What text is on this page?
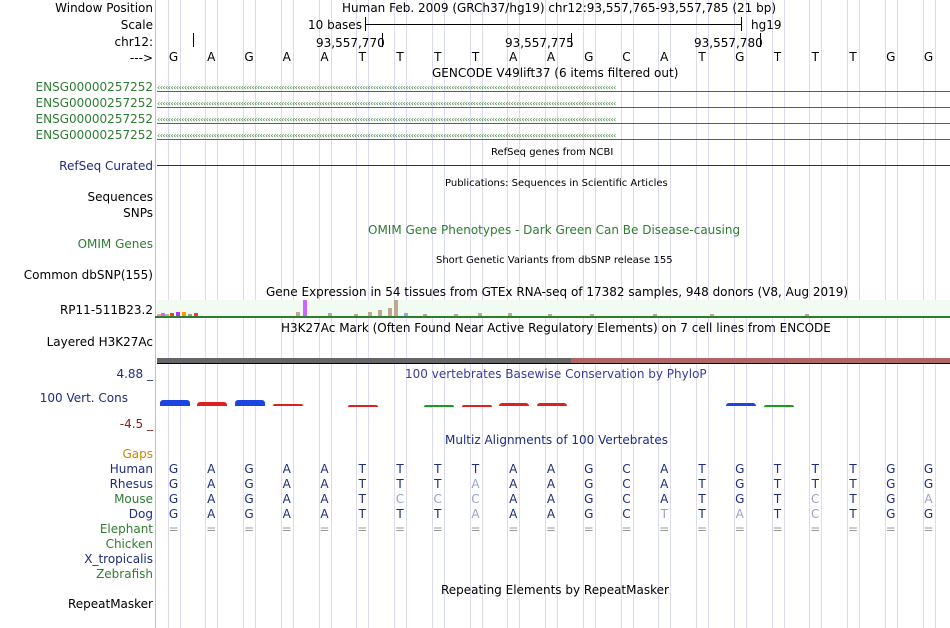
Window Position	Human Feb. 2009 (GRCh37/hg19) chr12:93,557,765-93,557,785 (21 bp)
Scale	10 bases	hg19
chr12:	93,557,770	93,557,775	93,557,780
--->	G	A	G	A	A	T	T	T	T	A	A	G	C	A	T	G	T	T	T	G	G
GENCODE V49lift37 (6 items filtered out)
ENSG00000257252 ‹‹‹‹‹‹‹‹‹‹‹‹‹‹‹‹‹‹‹‹‹‹‹‹‹‹‹‹‹‹‹‹‹‹‹‹‹‹‹‹‹‹‹‹‹‹‹‹‹‹‹‹‹‹‹‹‹‹‹‹‹‹‹‹‹‹‹‹‹‹‹‹‹‹‹‹‹‹‹‹‹‹‹‹‹‹‹‹‹‹‹‹‹‹‹‹‹‹‹‹‹‹‹‹‹‹‹‹‹‹‹‹‹‹‹‹‹‹‹‹‹‹‹‹‹‹‹‹‹‹‹‹‹‹‹‹‹‹‹‹‹‹‹‹‹‹‹‹‹‹‹‹‹‹‹‹‹‹‹‹‹‹‹‹‹‹‹‹‹‹
ENSG00000257252 ‹‹‹‹‹‹‹‹‹‹‹‹‹‹‹‹‹‹‹‹‹‹‹‹‹‹‹‹‹‹‹‹‹‹‹‹‹‹‹‹‹‹‹‹‹‹‹‹‹‹‹‹‹‹‹‹‹‹‹‹‹‹‹‹‹‹‹‹‹‹‹‹‹‹‹‹‹‹‹‹‹‹‹‹‹‹‹‹‹‹‹‹‹‹‹‹‹‹‹‹‹‹‹‹‹‹‹‹‹‹‹‹‹‹‹‹‹‹‹‹‹‹‹‹‹‹‹‹‹‹‹‹‹‹‹‹‹‹‹‹‹‹‹‹‹‹‹‹‹‹‹‹‹‹‹‹‹‹‹‹‹‹‹‹‹‹‹‹‹‹
ENSG00000257252 ‹‹‹‹‹‹‹‹‹‹‹‹‹‹‹‹‹‹‹‹‹‹‹‹‹‹‹‹‹‹‹‹‹‹‹‹‹‹‹‹‹‹‹‹‹‹‹‹‹‹‹‹‹‹‹‹‹‹‹‹‹‹‹‹‹‹‹‹‹‹‹‹‹‹‹‹‹‹‹‹‹‹‹‹‹‹‹‹‹‹‹‹‹‹‹‹‹‹‹‹‹‹‹‹‹‹‹‹‹‹‹‹‹‹‹‹‹‹‹‹‹‹‹‹‹‹‹‹‹‹‹‹‹‹‹‹‹‹‹‹‹‹‹‹‹‹‹‹‹‹‹‹‹‹‹‹‹‹‹‹‹‹‹‹‹‹‹‹‹‹
ENSG00000257252 ‹‹‹‹‹‹‹‹‹‹‹‹‹‹‹‹‹‹‹‹‹‹‹‹‹‹‹‹‹‹‹‹‹‹‹‹‹‹‹‹‹‹‹‹‹‹‹‹‹‹‹‹‹‹‹‹‹‹‹‹‹‹‹‹‹‹‹‹‹‹‹‹‹‹‹‹‹‹‹‹‹‹‹‹‹‹‹‹‹‹‹‹‹‹‹‹‹‹‹‹‹‹‹‹‹‹‹‹‹‹‹‹‹‹‹‹‹‹‹‹‹‹‹‹‹‹‹‹‹‹‹‹‹‹‹‹‹‹‹‹‹‹‹‹‹‹‹‹‹‹‹‹‹‹‹‹‹‹‹‹‹‹‹‹‹‹‹‹‹‹
RefSeq genes from NCBI
RefSeq Curated
Publications: Sequences in Scientific Articles
Sequences
SNPs
OMIM Gene Phenotypes - Dark Green Can Be Disease-causing
OMIM Genes
Short Genetic Variants from dbSNP release 155
Common dbSNP(155)
Gene Expression in 54 tissues from GTEx RNA-seq of 17382 samples, 948 donors (V8, Aug 2019)
RP11-511B23.2
H3K27Ac Mark (Often Found Near Active Regulatory Elements) on 7 cell lines from ENCODE
Layered H3K27Ac
100 vertebrates Basewise Conservation by PhyloP
4.88 _
100 Vert. Cons
-4.5 _
Multiz Alignments of 100 Vertebrates
Gaps
Human	G	A	G	A	A	T	T	T	T	A	A	G	C	A	T	G	T	T	T	G	G
Rhesus	G	A	G	A	A	T	T	T	A	A	A	G	C	A	T	G	T	T	T	G	G
Mouse	G	A	G	A	A	T	C	C	C	A	A	G	C	A	T	G	T	C	T	G	A
Dog	G	A	G	A	A	T	T	T	A	A	A	G	C	T	T	A	T	C	T	G	G
Elephant	=	=	=	=	=	=	=	=	=	=	=	=	=	=	=	=	=	=	=	=	=
Chicken
X_tropicalis
Zebrafish
Repeating Elements by RepeatMasker
RepeatMasker
